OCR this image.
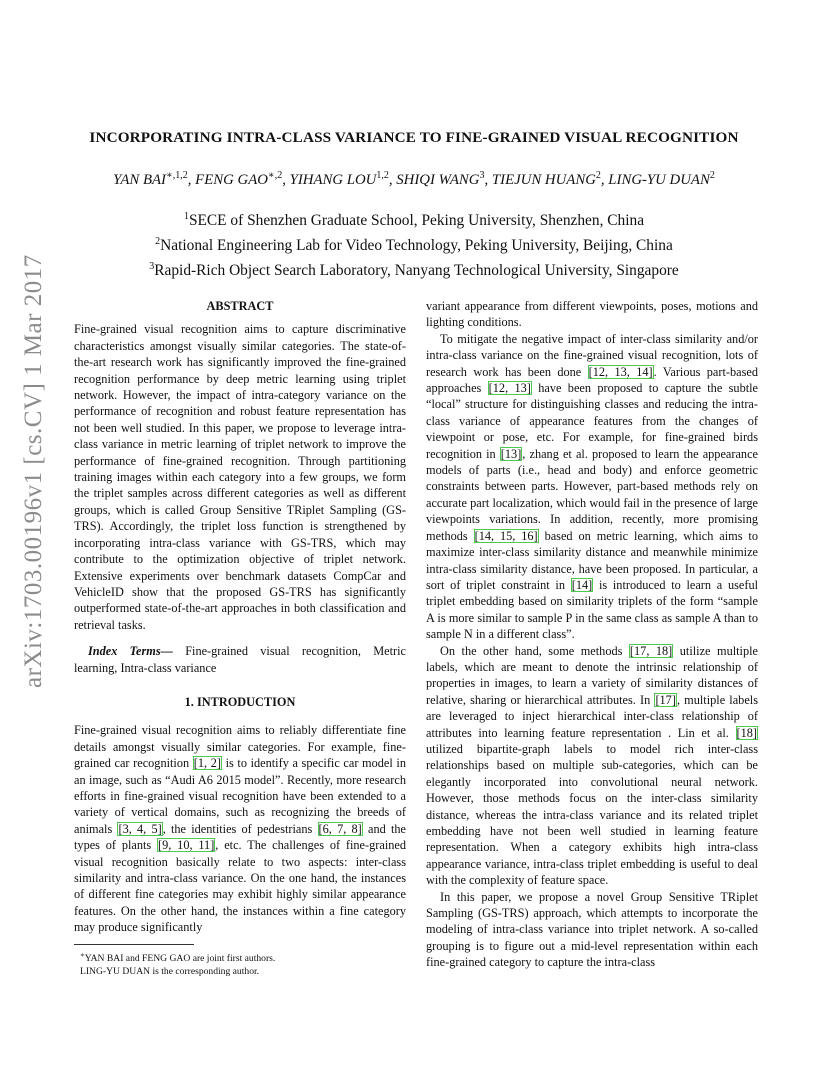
arXiv:1703.00196v1 [cs.CV] 1 Mar 2017
INCORPORATING INTRA-CLASS VARIANCE TO FINE-GRAINED VISUAL RECOGNITION
YAN $BAI^{∗,1,2}$, FENG $GAO^{∗,2}$, YIHANG LOU$^{1,2}$, SHIQI WANG$^3$, TIEJUN HUANG$^2$, LING-YU DUAN$^2$
$^1$SECE of Shenzhen Graduate School, Peking University, Shenzhen, China
$^2$National Engineering Lab for Video Technology, Peking University, Beijing, China
$^3$Rapid-Rich Object Search Laboratory, Nanyang Technological University, Singapore
ABSTRACT

Fine-grained visual recognition aims to capture discriminative characteristics amongst visually similar categories. The state-of-the-art research work has significantly improved the fine-grained recognition performance by deep metric learning using triplet network. However, the impact of intra-category variance on the performance of recognition and robust feature representation has not been well studied. In this paper, we propose to leverage intra-class variance in metric learning of triplet network to improve the performance of fine-grained recognition. Through partitioning training images within each category into a few groups, we form the triplet samples across different categories as well as different groups, which is called Group Sensitive TRiplet Sampling (GS-TRS). Accordingly, the triplet loss function is strengthened by incorporating intra-class variance with GS-TRS, which may contribute to the optimization objective of triplet network. Extensive experiments over benchmark datasets CompCar and VehicleID show that the proposed GS-TRS has significantly outperformed state-of-the-art approaches in both classification and retrieval tasks.

Index Terms— Fine-grained visual recognition, Metric learning, Intra-class variance

1. INTRODUCTION

Fine-grained visual recognition aims to reliably differentiate fine details amongst visually similar categories. For example, fine-grained car recognition [1, 2] is to identify a specific car model in an image, such as “Audi A6 2015 model”. Recently, more research efforts in fine-grained visual recognition have been extended to a variety of vertical domains, such as recognizing the breeds of animals [3, 4, 5], the identities of pedestrians [6, 7, 8] and the types of plants [9, 10, 11], etc. The challenges of fine-grained visual recognition basically relate to two aspects: inter-class similarity and intra-class variance. On the one hand, the instances of different fine categories may exhibit highly similar appearance features. On the other hand, the instances within a fine category may produce significantly

variant appearance from different viewpoints, poses, motions and lighting conditions.

To mitigate the negative impact of inter-class similarity and/or intra-class variance on the fine-grained visual recognition, lots of research work has been done [12, 13, 14]. Various part-based approaches [12, 13] have been proposed to capture the subtle “local” structure for distinguishing classes and reducing the intra-class variance of appearance features from the changes of viewpoint or pose, etc. For example, for fine-grained birds recognition in [13], zhang et al. proposed to learn the appearance models of parts (i.e., head and body) and enforce geometric constraints between parts. However, part-based methods rely on accurate part localization, which would fail in the presence of large viewpoints variations. In addition, recently, more promising methods [14, 15, 16] based on metric learning, which aims to maximize inter-class similarity distance and meanwhile minimize intra-class similarity distance, have been proposed. In particular, a sort of triplet constraint in [14] is introduced to learn a useful triplet embedding based on similarity triplets of the form “sample A is more similar to sample P in the same class as sample A than to sample N in a different class”.

On the other hand, some methods [17, 18] utilize multiple labels, which are meant to denote the intrinsic relationship of properties in images, to learn a variety of similarity distances of relative, sharing or hierarchical attributes. In [17], multiple labels are leveraged to inject hierarchical inter-class relationship of attributes into learning feature representation . Lin et al. [18] utilized bipartite-graph labels to model rich inter-class relationships based on multiple sub-categories, which can be elegantly incorporated into convolutional neural network. However, those methods focus on the inter-class similarity distance, whereas the intra-class variance and its related triplet embedding have not been well studied in learning feature representation. When a category exhibits high intra-class appearance variance, intra-class triplet embedding is useful to deal with the complexity of feature space.

In this paper, we propose a novel Group Sensitive TRiplet Sampling (GS-TRS) approach, which attempts to incorporate the modeling of intra-class variance into triplet network. A so-called grouping is to figure out a mid-level representation within each fine-grained category to capture the intra-class

∗YAN BAI and FENG GAO are joint first authors.
LING-YU DUAN is the corresponding author.
